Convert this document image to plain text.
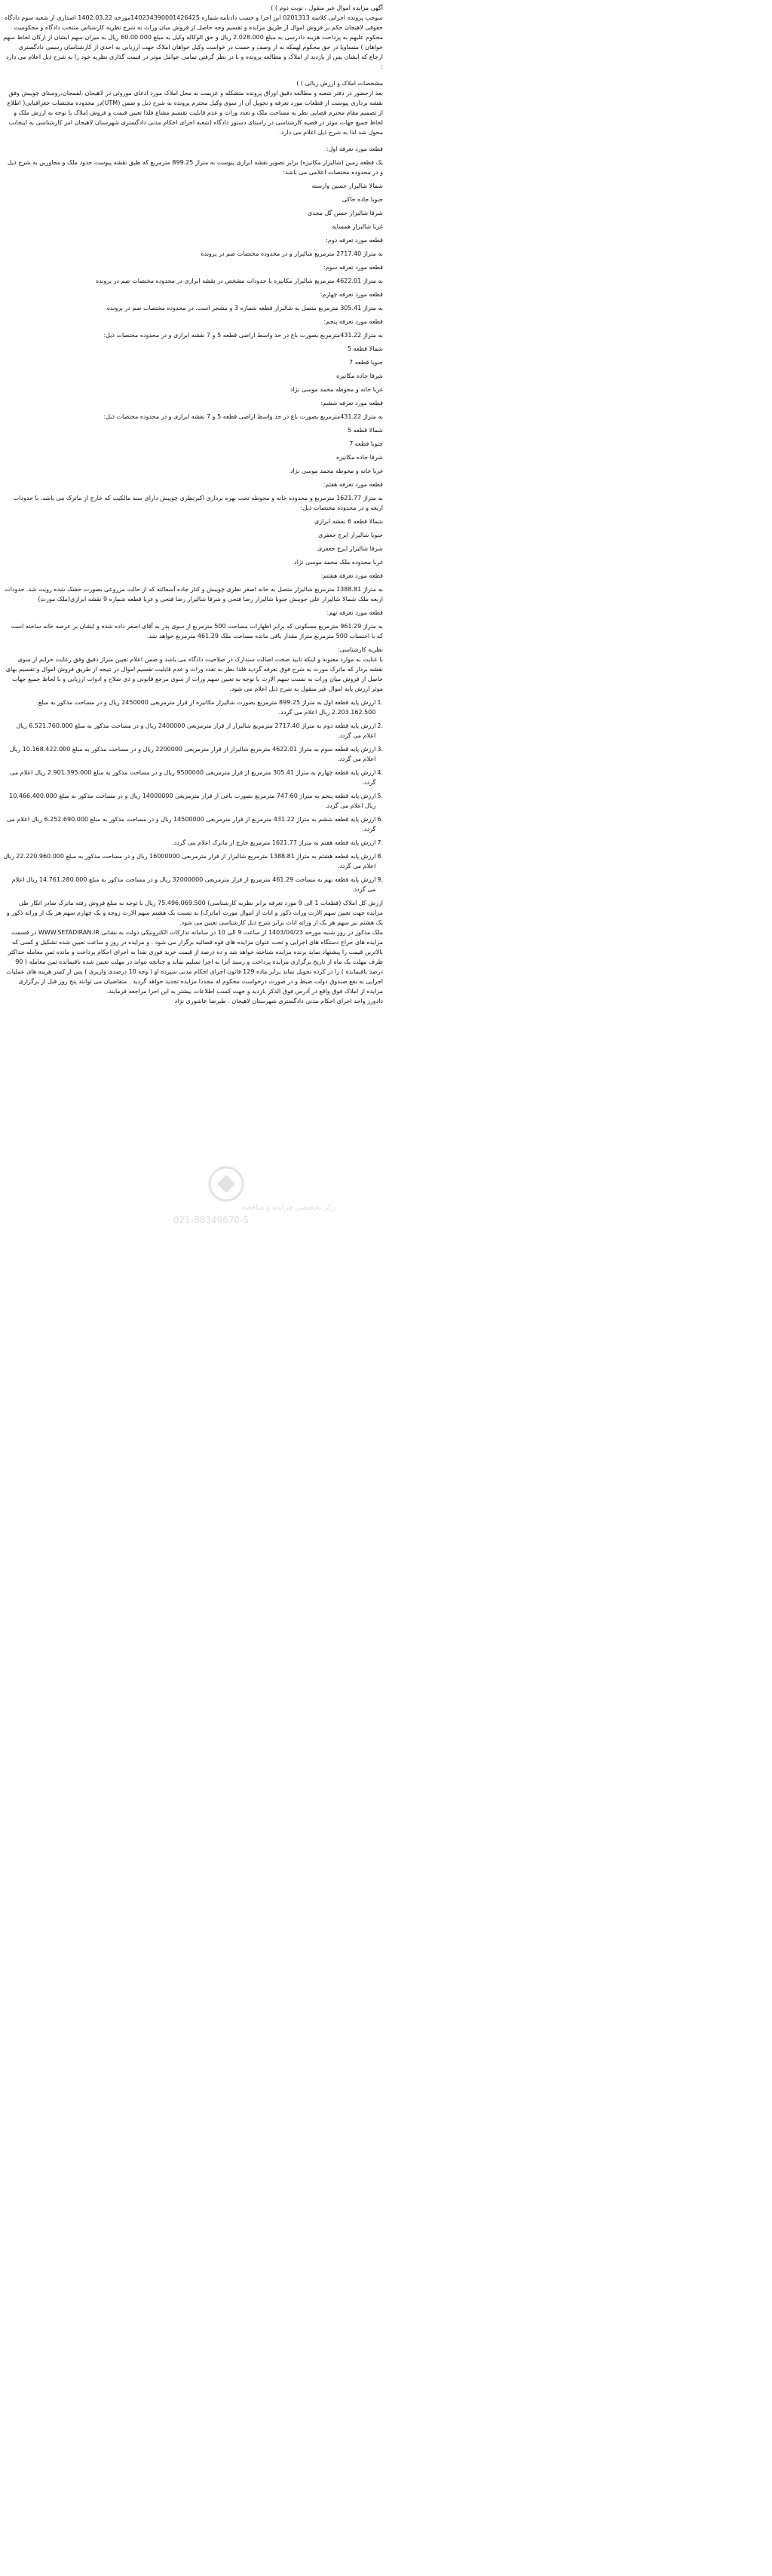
آگهی مزایده اموال غیر منقول ، نوبت دوم ) )

سوجب پرونده اجرایی کلاسه 0201313 ابن اجرا و حسب دادنامه شماره 140234390001426425مورخه 1402.03.22 اصداری از شعبه سوم دادگاه حقوقی لاهیجان حکم بر فروش اموال از طریق مزایده و تقسیم وجه حاصل از فروش میان وراث به شرح نظریه کارشناس منتخب دادگاه و محکومیت محکوم علیهم به پرداخت هزینه دادرسی به مبلغ 2.028.000 ریال و حق الوکاله وکیل به مبلغ 60.00.000 ریال به میزان سهم ایشان از ارکان لحاظ سهم خواهان ) متساویا در حق محکوم لهمکه به از وصف و حسب در خواست وکیل خواهان املاک جهت ارزیابی به احدی از کارشناسان رسمی دادگستری ارجاع که ایشان پس از بازدید از املاک و مطالعه پرونده و با در نظر گرفتن تمامی عوامل موثر در قیمت گذاری نظریه خود را به شرح ذیل اعلام می دارد :

مشخصات املاک و ارزش ریالی ) )

بعد ازحضور در دفتر شعبه و مطالعه دقیق اوراق پرونده متشکله و عزیمت به محل املاک مورد ادعای موروثی در لاهیجان ،لفمجان،روستای چویبش وفق نقشه برداری پیوست از قطعات مورد تعرفه و تحویل آن از سوی وکیل محترم پرونده به شرح ذیل و ضمن (UTM)در محدوده مختصات جغرافیایی( اطلاع از تصمیم مقام محترم قضایی نظر به مساحت ملک و تعدد وراث و عدم قابلیت تقسیم مشاع فلذا تعیین قیمت و فروش املاک با توجه به ارزش ملک و لحاظ جمیع جهات موثر در قضیه کارشناسی در راستای دستور دادگاه (شعبه اجرای احکام مدنی دادگستری شهرستان لاهیجان امر کارشناسی به اینجانب محول شد لذا به شرح ذیل اعلام می دارد.

قطعه مورد تعرفه اول:

یک قطعه زمین (شالیزار مکانیزه) برابر تصویر نقشه ابرازی پیوست به متراژ 899.25 مترمربع که طبق نقشه پیوست حدود ملک و مجاورین به شرح ذیل و در محدوده مختصات اعلامی می باشد:

شمالا شالیزار حسین وارسته

جنوبا جاده خاکی

شرقا شالیزار حسن گل مجدی

غربا شالیزار همسایه

قطعه مورد تعرفه دوم:

به متراژ 2717.40 مترمربع شالیزار و در محدوده مختصات ضم در پرونده

قطعه مورد تعرفه سوم:

به متراژ 4622.01 مترمربع شالیزار مکانیزه با حدودات مشخص در نقشه ابرازی در محدوده مختصات ضم در پرونده

قطعه مورد تعرفه چهارم:

به متراژ 305.41 مترمربع متصل به شالیزار قطعه شماره 3 و مشجر است. در محدوده مختصات ضم در پرونده

قطعه مورد تعرفه پنجم:

به متراژ 431.22مترمربع بصورت باغ در حد واسط اراضی قطعه 5 و 7 نقشه ابرازی و در محدوده مختصات ذیل:

شمالا قطعه 5

جنوبا قطعه 7

شرقا جاده مکانیزه

غربا خانه و محوطه محمد موسی نژاد

قطعه مورد تعرفه ششم:

به متراژ 431.22مترمربع بصورت باغ در حد واسط اراضی قطعه 5 و 7 نقشه ابرازی و در محدوده مختصات ذیل:

شمالا قطعه 5

جنوبا قطعه 7

شرقا جاده مکانیزه

غربا خانه و محوطه محمد موسی نژاد

قطعه مورد تعرفه هفتم:

به متراژ 1621.77 مترمربع و محدوده خانه و محوطه تحت بهره برداری اکبرنظری چویبش دارای سند مالکیت که خارج از ماترک می باشد. با حدودات اربعه و در محدوده مختصات ذیل:

شمالا قطعه 6 نقشه ابرازی

جنوبا شالیزار ایرج جعفری

شرقا شالیزار ایرج جعفری

غربا محدوده ملک محمد موسی نژاد

قطعه مورد تعرفه هشتم:

به متراژ 1388.81 مترمربع شالیزار متصل به خانه اصغر نظری چویبش و کنار جاده آسفالته که از حالت مزروعی بصورت خشک شده رویت شد. حدودات اربعه ملک شمالا شالیزار علی جویبش جنوبا شالیزار رضا فتحی و شرقا شالیزار رضا فتحی و غربا قطعه شماره 9 نقشه ابرازی(ملک مورث)

قطعه مورد تعرفه نهم:

به متراژ 961.29 مترمربع مسکونی که برابر اظهارات مساحت 500 مترمربع از سوی پدر به آقای اصغر داده شده و ایشان بر عرصه خانه ساخته است که با احتساب 500 مترمربع متراژ مقدار باقی مانده مساحت ملک 461.29 مترمربع خواهد شد.

نظریه کارشناسی:

با عنایت به موارد معنونه و اینکه تابید صحت اصالت سندارک در صلاحیت دادگاه می باشد و ضمن اعلام تعیین متراژ دقیق وفق رعایت حرایم از سوی نقشه بردار که ماترک مورث به شرح فوق تعرفه گردید فلذا نظر به تعدد وراث و عدم قابلیت تقسیم اموال در نتیجه از طریق فروش اموال و تقسیم بهای حاصل از فروش میان وراث به نسبت سهم الارث با توجه به تعیین سهم وراث از سوی مرجع قانونی و ذی صلاح و ادوات ارزیابی و با لحاظ جمیع جهات موثر ارزش پایه اموال غیر منقول به شرح ذیل اعلام می شود.

1.
ارزش پایه قطعه اول به متراژ 899.25 مترمربع بصورت شالیزار مکانیزه از قرار مترمربعی 2450000 ریال و در مساحت مذکور به مبلغ 2.203.162.500 ریال اعلام می گردد.
2.
ارزش پایه قطعه دوم به متراژ 2717.40 مترمربع شالیزار از قرار مترمربعی 2400000 ریال و در مساحت مذکور به مبلغ 6.521.760.000 ریال اعلام می گردد.
3.
ارزش پایه قطعه سوم به متراژ 4622.01 مترمربع شالیزار از قرار مترمربعی 2200000 ریال و در مساحت مذکور به مبلغ 10.168.422.000 ریال اعلام می گردد.
4.
ارزش پایه قطعه چهارم به متراژ 305.41 مترمربع از قرار مترمربعی 9500000 ریال و در مساحت مذکور به مبلغ 2.901.395.000 ریال اعلام می گردد.
5.
ارزش پایه قطعه پنجم به متراژ 747.60 مترمربع بصورت باغی از قرار مترمربعی 14000000 ریال و در مساحت مذکور به مبلغ 10.466.400.000 ریال اعلام می گردد.
6.
ارزش پایه قطعه ششم به متراژ 431.22 مترمربع از قرار مترمربعی 14500000 ریال و در مساحت مذکور به مبلغ 6.252.690.000 ریال اعلام می گردد.
7.
ارزش پایه قطعه هفتم به متراژ 1621.77 مترمربع خارج از ماترک اعلام می گردد.
8.
ارزش پایه قطعه هشتم به متراژ 1388.81 مترمربع شالیزار از قرار مترمربعی 16000000 ریال و در مساحت مذکور به مبلغ 22.220.960.000 ریال اعلام می گردد.
9.
ارزش پایه قطعه نهم به مساحت 461.29 مترمربع از قرار مترمربعی 32000000 ریال و در مساحت مذکور به مبلغ 14.761.280.000 ریال اعلام می گردد.

ارزش کل املاک (قطعات 1 الی 9 مورد تعرفه برابر نظریه کارشناسی) 75.496.069.500 ریال با توجه به مبلغ فروش رفته ماترک صادر اتکار طی مزایده جهت تعیین سهم الارث وراث ذکور و اناث از اموال مورث (ماترک) به نسبت یک هشتم سهم الارث زوجه و یک چهارم سهم هر یک از وراثه ذکور و یک هشتم نیز سهم هر یک از وراثه اناث برابر شرح ذیل کارشناسی تعیین می شود.

ملک مذکور در روز شنبه مورخه 1403/04/23 از ساعت 9 الی 10 در سامانه تدارکات الکترونیکی دولت به نشانی WWW.SETADIRAN.IR در قسمت مزایده های حراج دستگاه های اجرایی و تحت عنوان مزایده های قوه قضائیه برگزار می شود . و مزایده در روز و ساعت تعیین شده تشکیل و کسی که بالاترین قیمت را پیشنهاد نماید برنده مزایده شناخته خواهد شد و ده درصد از قیمت خرید فوری نقدا به اجرای احکام پرداخت و مانده ثمن معامله حداکثر ظرف مهلت یک ماه از تاریخ برگزاری مزایده پرداخت و رسید آنرا به اجرا تسلیم نماید و چنانچه نتواند در مهلت تعیین شده باقیمانده ثمن معامله ( 90 درصد باقیمانده ) را در کرده تحویل نماید برابر ماده 129 قانون اجرای احکام مدنی سپرده او ( وجه 10 درصدی واریزی ) پس از کسر هزینه های عملیات اجرایی به نفع صندوق دولت ضبط و در صورت درخواست محکوم له مجددا مزایده تجدید خواهد گردید . متقاضیان می توانند پنج روز قبل از برگزاری مزایده از املاک فوق واقع در آدرس فوق الذکر بازدید و جهت کسب اطلاعات بیشتر به این اجرا مراجعه فرمایند.

دادورز واحد اجرای احکام مدنی دادگستری شهرستان لاهیجان . طبرضا عاشوری نژاد

رکز تخصصی مزایده و مناقصه
021-88349670-5
